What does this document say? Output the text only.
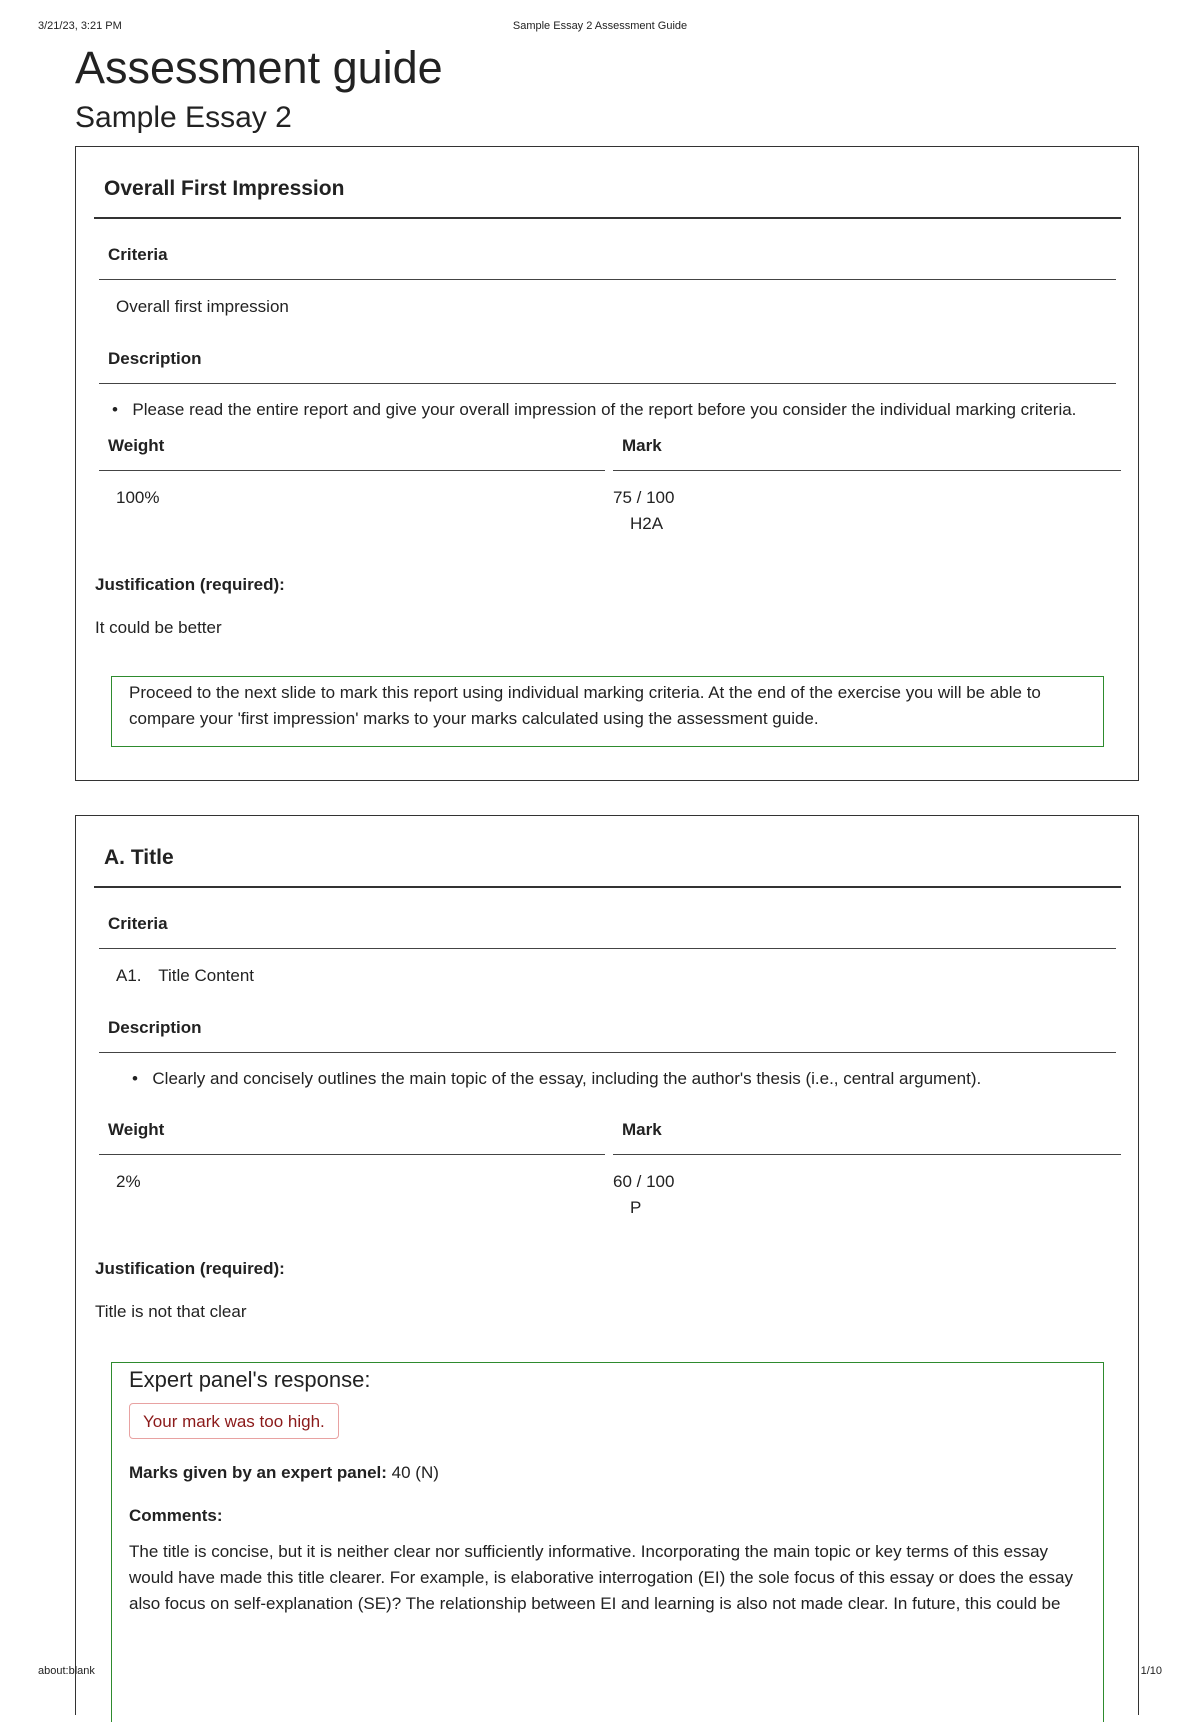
3/21/23, 3:21 PM	Sample Essay 2 Assessment Guide
Assessment guide
Sample Essay 2
Overall First Impression
Criteria
Overall first impression
Description
• Please read the entire report and give your overall impression of the report before you consider the individual marking criteria.
Weight	Mark
100%	75 / 100
H2A
Justification (required):
It could be better
Proceed to the next slide to mark this report using individual marking criteria. At the end of the exercise you will be able to compare your 'first impression' marks to your marks calculated using the assessment guide.
A. Title
Criteria
A1. Title Content
Description
• Clearly and concisely outlines the main topic of the essay, including the author's thesis (i.e., central argument).
Weight	Mark
2%	60 / 100
P
Justification (required):
Title is not that clear
Expert panel's response:
Your mark was too high.
Marks given by an expert panel: 40 (N)
Comments:
The title is concise, but it is neither clear nor sufficiently informative. Incorporating the main topic or key terms of this essay would have made this title clearer. For example, is elaborative interrogation (EI) the sole focus of this essay or does the essay also focus on self-explanation (SE)? The relationship between EI and learning is also not made clear. In future, this could be
about:blank	1/10
